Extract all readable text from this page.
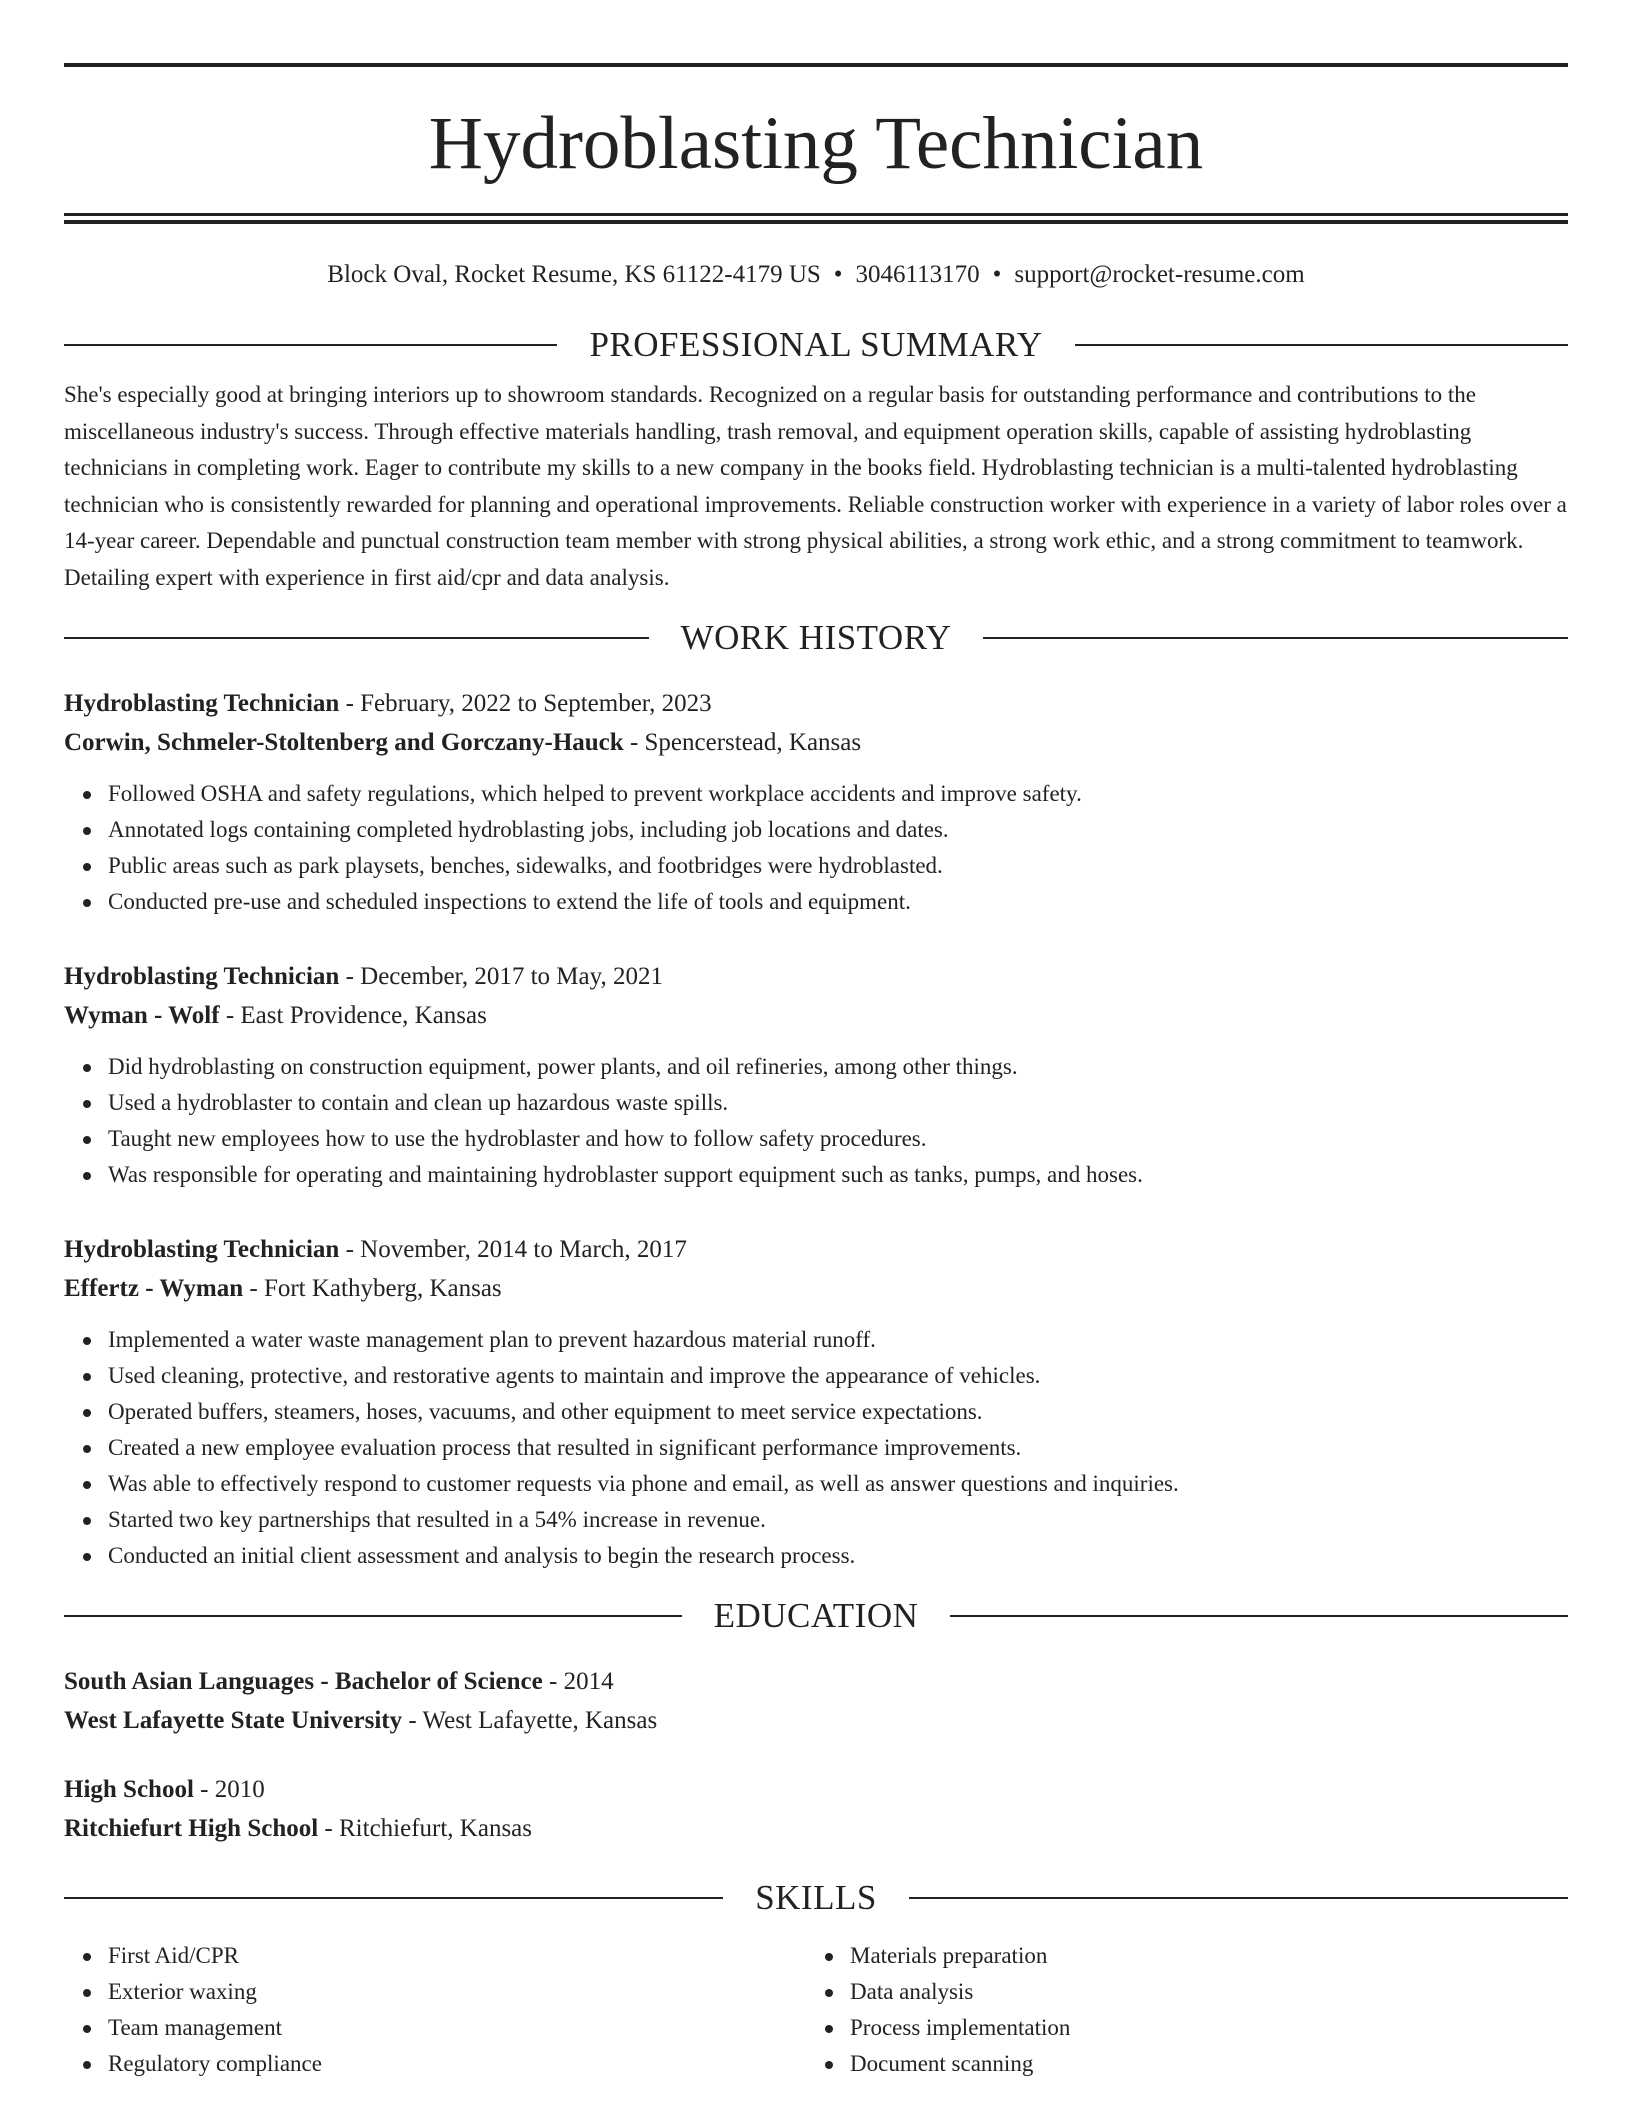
Hydroblasting Technician
Block Oval, Rocket Resume, KS 61122-4179 US • 3046113170 • support@rocket-resume.com
PROFESSIONAL SUMMARY
She's especially good at bringing interiors up to showroom standards. Recognized on a regular basis for outstanding performance and contributions to the miscellaneous industry's success. Through effective materials handling, trash removal, and equipment operation skills, capable of assisting hydroblasting technicians in completing work. Eager to contribute my skills to a new company in the books field. Hydroblasting technician is a multi-talented hydroblasting technician who is consistently rewarded for planning and operational improvements. Reliable construction worker with experience in a variety of labor roles over a 14-year career. Dependable and punctual construction team member with strong physical abilities, a strong work ethic, and a strong commitment to teamwork. Detailing expert with experience in first aid/cpr and data analysis.
WORK HISTORY
Hydroblasting Technician - February, 2022 to September, 2023
Corwin, Schmeler-Stoltenberg and Gorczany-Hauck - Spencerstead, Kansas
Followed OSHA and safety regulations, which helped to prevent workplace accidents and improve safety.
Annotated logs containing completed hydroblasting jobs, including job locations and dates.
Public areas such as park playsets, benches, sidewalks, and footbridges were hydroblasted.
Conducted pre-use and scheduled inspections to extend the life of tools and equipment.
Hydroblasting Technician - December, 2017 to May, 2021
Wyman - Wolf - East Providence, Kansas
Did hydroblasting on construction equipment, power plants, and oil refineries, among other things.
Used a hydroblaster to contain and clean up hazardous waste spills.
Taught new employees how to use the hydroblaster and how to follow safety procedures.
Was responsible for operating and maintaining hydroblaster support equipment such as tanks, pumps, and hoses.
Hydroblasting Technician - November, 2014 to March, 2017
Effertz - Wyman - Fort Kathyberg, Kansas
Implemented a water waste management plan to prevent hazardous material runoff.
Used cleaning, protective, and restorative agents to maintain and improve the appearance of vehicles.
Operated buffers, steamers, hoses, vacuums, and other equipment to meet service expectations.
Created a new employee evaluation process that resulted in significant performance improvements.
Was able to effectively respond to customer requests via phone and email, as well as answer questions and inquiries.
Started two key partnerships that resulted in a 54% increase in revenue.
Conducted an initial client assessment and analysis to begin the research process.
EDUCATION
South Asian Languages - Bachelor of Science - 2014
West Lafayette State University - West Lafayette, Kansas
High School - 2010
Ritchiefurt High School - Ritchiefurt, Kansas
SKILLS
First Aid/CPR
Exterior waxing
Team management
Regulatory compliance
Materials preparation
Data analysis
Process implementation
Document scanning
